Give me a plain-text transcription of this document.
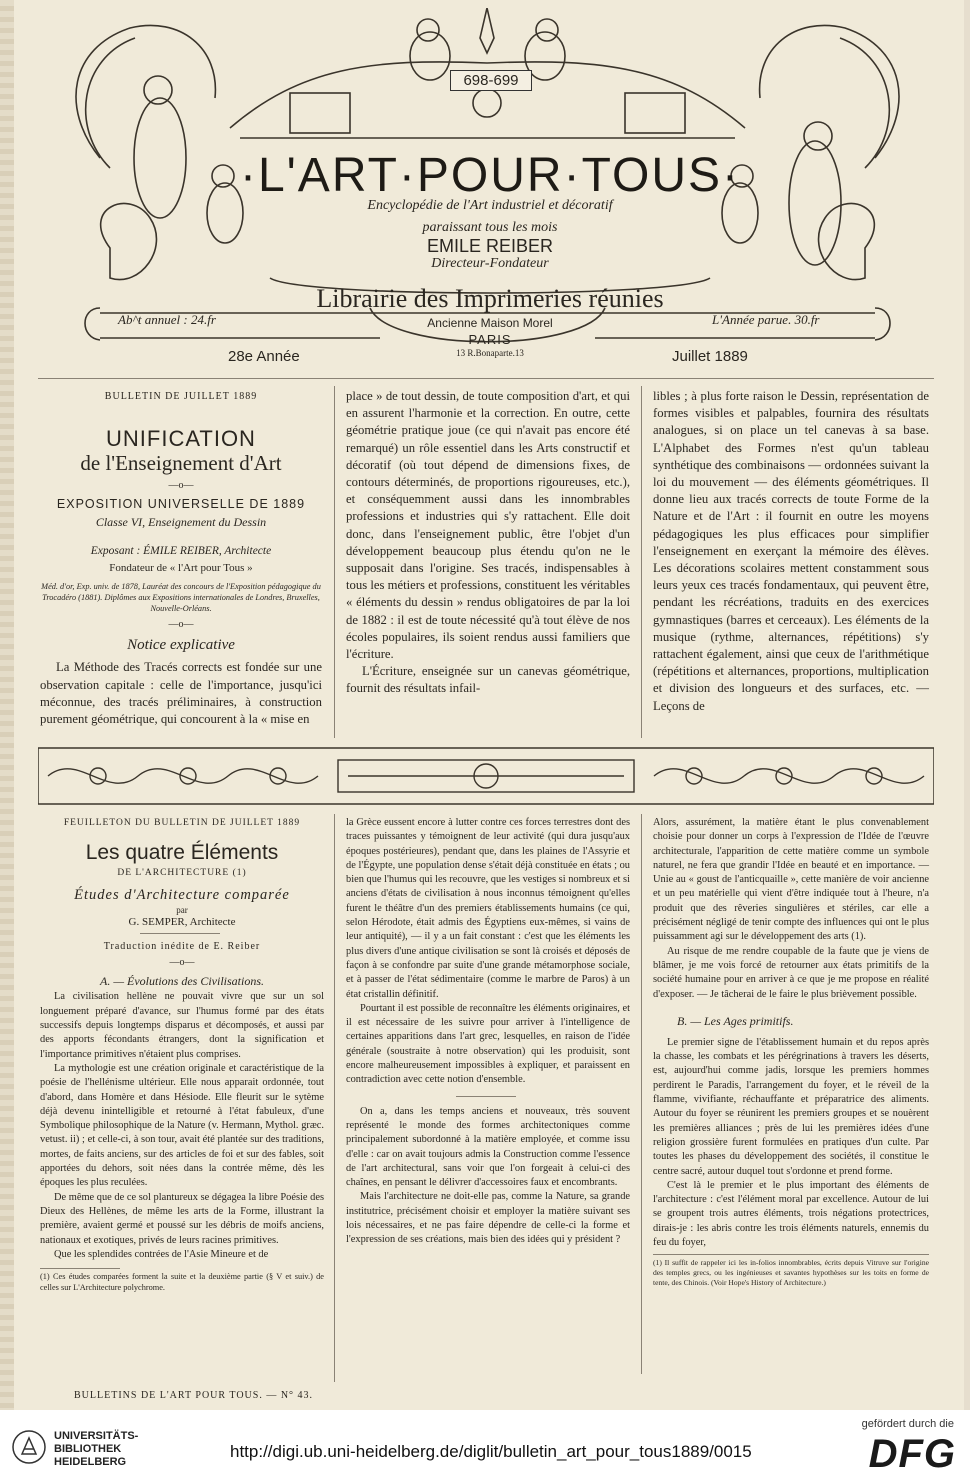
698-699
·L'ART·POUR·TOUS·
Encyclopédie de l'Art industriel et décoratif
paraissant tous les mois
EMILE REIBER
Directeur-Fondateur
Librairie des Imprimeries réunies
Ancienne Maison Morel
PARIS
13 R.Bonaparte.13
Ab^t annuel : 24.fr	L'Année parue. 30.fr
28e Année	Juillet 1889
BULLETIN DE JUILLET 1889
UNIFICATION
de l'Enseignement d'Art
—o—
EXPOSITION UNIVERSELLE DE 1889
Classe VI, Enseignement du Dessin
Exposant : ÉMILE REIBER, Architecte
Fondateur de « l'Art pour Tous »
Méd. d'or, Exp. univ. de 1878, Lauréat des concours de l'Exposition pédagogique du Trocadéro (1881). Diplômes aux Expositions internationales de Londres, Bruxelles, Nouvelle-Orléans.
—o—
Notice explicative

La Méthode des Tracés corrects est fondée sur une observation capitale : celle de l'importance, jusqu'ici méconnue, des tracés préliminaires, à construction purement géométrique, qui concourent à la « mise en

place » de tout dessin, de toute composition d'art, et qui en assurent l'harmonie et la correction. En outre, cette géométrie pratique joue (ce qui n'avait pas encore été remarqué) un rôle essentiel dans les Arts constructif et décoratif (où tout dépend de dimensions fixes, de contours déterminés, de proportions rigoureuses, etc.), et conséquemment aussi dans les innombrables professions et industries qui s'y rattachent. Elle doit donc, dans l'enseignement public, être l'objet d'un développement beaucoup plus étendu qu'on ne le supposait dans l'origine. Ses tracés, indispensables à tous les métiers et professions, constituent les véritables « éléments du dessin » rendus obligatoires de par la loi de 1882 : il est de toute nécessité qu'à tout élève de nos écoles populaires, ils soient rendus aussi familiers que l'écriture.

L'Écriture, enseignée sur un canevas géométrique, fournit des résultats infail-

libles ; à plus forte raison le Dessin, représentation de formes visibles et palpables, fournira des résultats analogues, si on place un tel canevas à sa base. L'Alphabet des Formes n'est qu'un tableau synthétique des combinaisons — ordonnées suivant la loi du mouvement — des éléments géométriques. Il donne lieu aux tracés corrects de toute Forme de la Nature et de l'Art : il fournit en outre les moyens pédagogiques les plus efficaces pour simplifier l'enseignement en exerçant la mémoire des élèves. Les décorations scolaires mettent constamment sous leurs yeux ces tracés fondamentaux, qui peuvent être, pendant les récréations, traduits en des exercices gymnastiques (barres et cerceaux). Les éléments de la musique (rythme, alternances, répétitions) s'y rattachent également, ainsi que ceux de l'arithmétique (répétitions et alternances, proportions, multiplication et division des longueurs et des surfaces, etc. — Leçons de

FEUILLETON DU BULLETIN DE JUILLET 1889
Les quatre Éléments
DE L'ARCHITECTURE (1)
Études d'Architecture comparée
par
G. SEMPER, Architecte
Traduction inédite de E. Reiber
—o—
A. — Évolutions des Civilisations.

La civilisation hellène ne pouvait vivre que sur un sol longuement préparé d'avance, sur l'humus formé par des états successifs depuis longtemps disparus et décomposés, et aussi par des apports fécondants étrangers, dont la signification et l'importance primitives n'étaient plus comprises.

La mythologie est une création originale et caractéristique de la poésie de l'hellénisme ultérieur. Elle nous apparait ordonnée, tout d'abord, dans Homère et dans Hésiode. Elle fleurit sur le sytème déjà devenu inintelligible et retourné à l'état fabuleux, d'une Symbolique philosophique de la Nature (v. Hermann, Mythol. græc. vetust. ii) ; et celle-ci, à son tour, avait été plantée sur des traditions, mortes, de faits anciens, sur des articles de foi et sur des fables, soit apportées du dehors, soit nées dans la contrée même, dès les époques les plus reculées.

De même que de ce sol plantureux se dégagea la libre Poésie des Dieux des Hellènes, de même les arts de la Forme, illustrant la première, avaient germé et poussé sur les débris de moifs anciens, nationaux et exotiques, privés de leurs racines primitives.

Que les splendides contrées de l'Asie Mineure et de

(1) Ces études comparées forment la suite et la deuxième partie (§ V et suiv.) de celles sur L'Architecture polychrome.

la Grèce eussent encore à lutter contre ces forces terrestres dont des traces puissantes y témoignent de leur activité (qui dura jusqu'aux époques postérieures), pendant que, dans les plaines de l'Assyrie et de l'Égypte, une population dense s'était déjà constituée en états ; ou bien que l'humus qui les recouvre, que les vestiges si nombreux et si anciens d'états de civilisation à nous inconnus témoignent qu'elles furent le théâtre d'un des premiers établissements humains (ce qui, selon Hérodote, était admis des Égyptiens eux-mêmes, si vains de leur antiquité), — il y a un fait constant : c'est que les éléments les plus divers d'une antique civilisation se sont là croisés et déposés de façon à se confondre par suite d'une grande métamorphose sociale, et à passer de l'état sédimentaire (comme le marbre de Paros) à un état cristallin définitif.

Pourtant il est possible de reconnaître les éléments originaires, et il est nécessaire de les suivre pour arriver à l'intelligence de certaines apparitions dans l'art grec, lesquelles, en raison de l'idée générale (soustraite à notre observation) qui les produisit, sont encore malheureusement impossibles à expliquer, et paraissent en contradiction avec cette notion d'ensemble.

On a, dans les temps anciens et nouveaux, très souvent représenté le monde des formes architectoniques comme principalement subordonné à la matière employée, et comme issu d'elle : car on avait toujours admis la Construction comme l'essence de l'art architectural, sans voir que l'on forgeait à celui-ci des chaînes, en pensant le délivrer d'accessoires faux et encombrants.

Mais l'architecture ne doit-elle pas, comme la Nature, sa grande institutrice, précisément choisir et employer la matière suivant ses lois nécessaires, et ne pas faire dépendre de celle-ci la forme et l'expression de ses créations, mais bien des idées qui y président ?

Alors, assurément, la matière étant le plus convenablement choisie pour donner un corps à l'expression de l'Idée de l'œuvre architecturale, l'apparition de cette matière comme un symbole naturel, ne fera que grandir l'Idée en beauté et en importance. — Unie au « goust de l'anticquaille », cette manière de voir ancienne et un peu matérielle qui vient d'être indiquée tout à l'heure, n'a produit que des rêveries singulières et stériles, car elle a précisément négligé de tenir compte des influences qui ont le plus puissamment agi sur le développement des arts (1).

Au risque de me rendre coupable de la faute que je viens de blâmer, je me vois forcé de retourner aux états primitifs de la société humaine pour en arriver à ce que je me propose en réalité d'exposer. — Je tâcherai de le faire le plus brièvement possible.

B. — Les Ages primitifs.

Le premier signe de l'établissement humain et du repos après la chasse, les combats et les pérégrinations à travers les déserts, est, aujourd'hui comme jadis, lorsque les premiers hommes perdirent le Paradis, l'arrangement du foyer, et le réveil de la flamme, vivifiante, réchauffante et préparatrice des aliments. Autour du foyer se réunirent les premiers groupes et se nouèrent les premières alliances ; près de lui les premières idées d'une religion grossière furent formulées en pratiques d'un culte. Par toutes les phases du développement des sociétés, il constitue le centre sacré, autour duquel tout s'ordonne et prend forme.

C'est là le premier et le plus important des éléments de l'architecture : c'est l'élément moral par excellence. Autour de lui se groupent trois autres éléments, trois négations protectrices, dirais-je : les abris contre les trois éléments naturels, ennemis du feu du foyer,

(1) Il suffit de rappeler ici les in-folios innombrables, écrits depuis Vitruve sur l'origine des temples grecs, ou les ingénieuses et savantes hypothèses sur les toits en forme de tente, des Chinois. (Voir Hope's History of Architecture.)

BULLETINS DE L'ART POUR TOUS. — N° 43.
UNIVERSITÄTS-
BIBLIOTHEK
HEIDELBERG
http://digi.ub.uni-heidelberg.de/diglit/bulletin_art_pour_tous1889/0015
gefördert durch die
DFG
